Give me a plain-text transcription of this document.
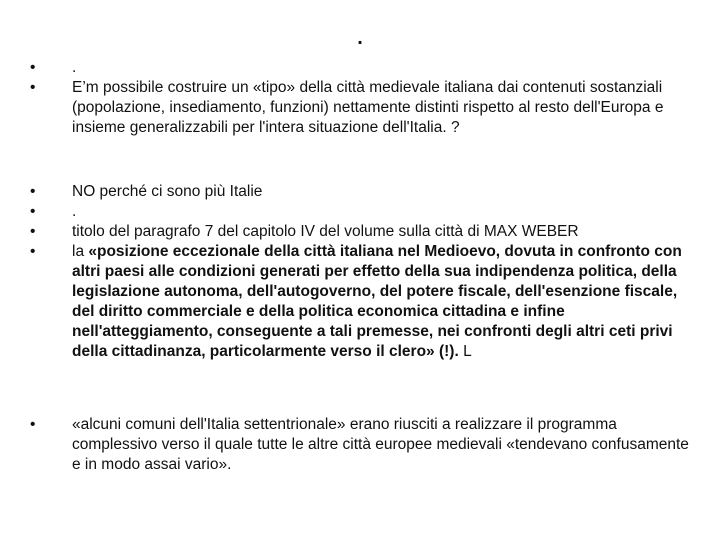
.
•	.
•	E’m possibile costruire un «tipo» della città medievale italiana dai contenuti sostanziali (popolazione, insediamento, funzioni) nettamente distinti rispetto al resto dell'Europa e insieme generalizzabili per l'intera situazione dell'Italia. ?
•	NO perché ci sono più Italie
•	.
•	titolo del paragrafo 7 del capitolo IV del volume sulla città di MAX WEBER
•	la «posizione eccezionale della città italiana nel Medioevo, dovuta in confronto con altri paesi alle condizioni generati per effetto della sua indipendenza politica, della legislazione autonoma, dell'autogoverno, del potere fiscale, dell'esenzione fiscale, del diritto commerciale e della politica economica cittadina e infine nell'atteggiamento, conseguente a tali premesse, nei confronti degli altri ceti privi della cittadinanza, particolarmente verso il clero» (!). L
•	«alcuni comuni dell'Italia settentrionale» erano riusciti a realizzare il programma complessivo verso il quale tutte le altre città europee medievali «tendevano confusamente e in modo assai vario».
